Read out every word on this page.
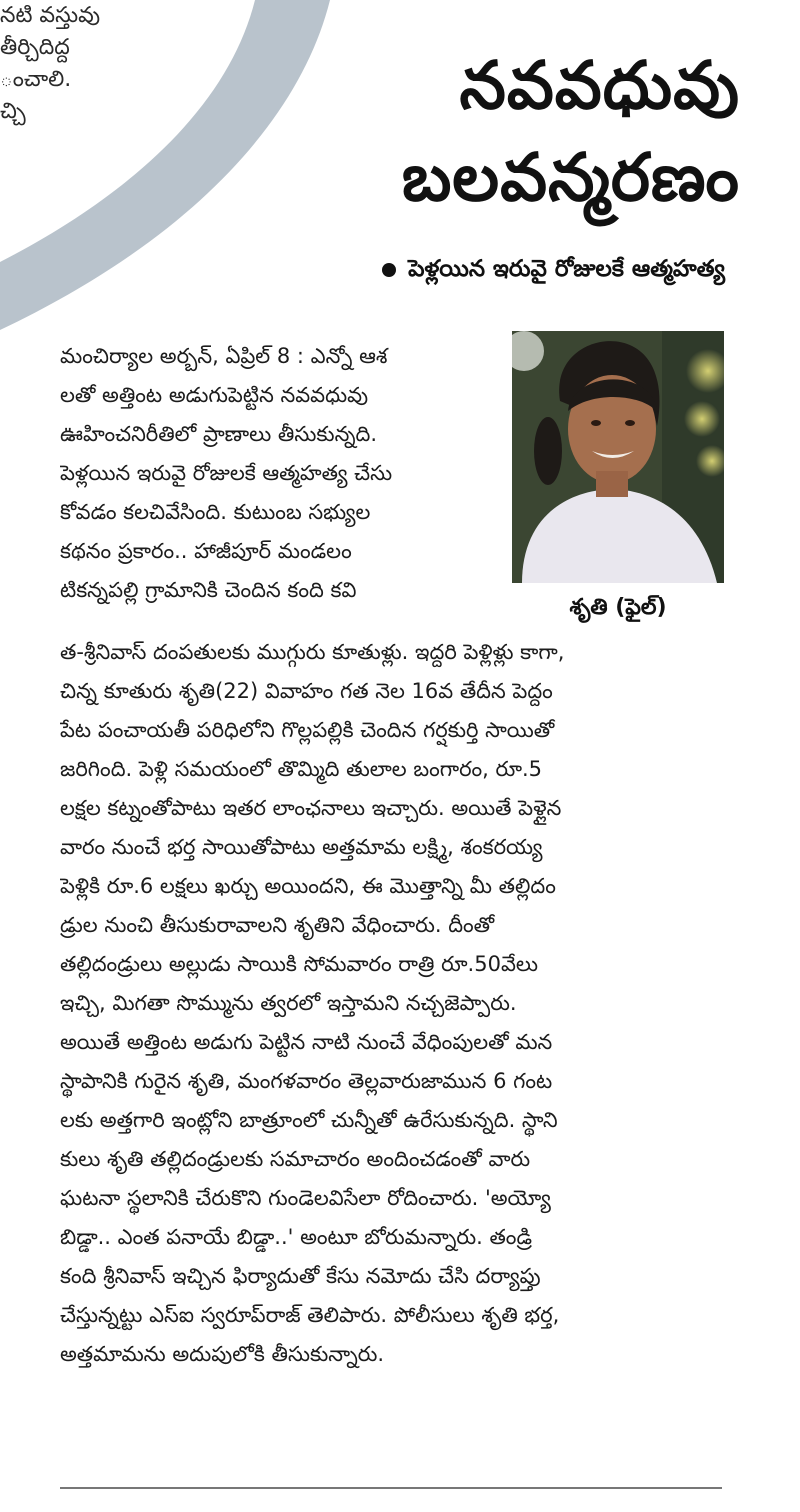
నటి వస్తువు
తీర్చిదిద్ద
ంచాలి.
చ్చి	నవవధువు
బలవన్మరణం
పెళ్లయిన ఇరువై రోజులకే ఆత్మహత్య
శృతి (ఫైల్)
మంచిర్యాల అర్బన్, ఏప్రిల్ 8 : ఎన్నో ఆశ
లతో అత్తింట అడుగుపెట్టిన నవవధువు
ఊహించనిరీతిలో ప్రాణాలు తీసుకున్నది.
పెళ్లయిన ఇరువై రోజులకే ఆత్మహత్య చేసు
కోవడం కలచివేసింది. కుటుంబ సభ్యుల
కథనం ప్రకారం.. హాజీపూర్ మండలం
టికన్నపల్లి గ్రామానికి చెందిన కంది కవి
త-శ్రీనివాస్ దంపతులకు ముగ్గురు కూతుళ్లు. ఇద్దరి పెళ్లిళ్లు కాగా,
చిన్న కూతురు శృతి(22) వివాహం గత నెల 16వ తేదీన పెద్దం
పేట పంచాయతీ పరిధిలోని గొల్లపల్లికి చెందిన గర్షకుర్తి సాయితో
జరిగింది. పెళ్లి సమయంలో తొమ్మిది తులాల బంగారం, రూ.5
లక్షల కట్నంతోపాటు ఇతర లాంఛనాలు ఇచ్చారు. అయితే పెళ్లైన
వారం నుంచే భర్త సాయితోపాటు అత్తమామ లక్ష్మి, శంకరయ్య
పెళ్లికి రూ.6 లక్షలు ఖర్చు అయిందని, ఈ మొత్తాన్ని మీ తల్లిదం
డ్రుల నుంచి తీసుకురావాలని శృతిని వేధించారు. దీంతో
తల్లిదండ్రులు అల్లుడు సాయికి సోమవారం రాత్రి రూ.50వేలు
ఇచ్చి, మిగతా సొమ్మును త్వరలో ఇస్తామని నచ్చజెప్పారు.
అయితే అత్తింట అడుగు పెట్టిన నాటి నుంచే వేధింపులతో మన
స్థాపానికి గురైన శృతి, మంగళవారం తెల్లవారుజామున 6 గంట
లకు అత్తగారి ఇంట్లోని బాత్రూంలో చున్నీతో ఉరేసుకున్నది. స్థాని
కులు శృతి తల్లిదండ్రులకు సమాచారం అందించడంతో వారు
ఘటనా స్థలానికి చేరుకొని గుండెలవిసేలా రోదించారు. 'అయ్యో
బిడ్డా.. ఎంత పనాయే బిడ్డా..' అంటూ బోరుమన్నారు. తండ్రి
కంది శ్రీనివాస్ ఇచ్చిన ఫిర్యాదుతో కేసు నమోదు చేసి దర్యాప్తు
చేస్తున్నట్టు ఎస్ఐ స్వరూప్‌రాజ్ తెలిపారు. పోలీసులు శృతి భర్త,
అత్తమామను అదుపులోకి తీసుకున్నారు.
